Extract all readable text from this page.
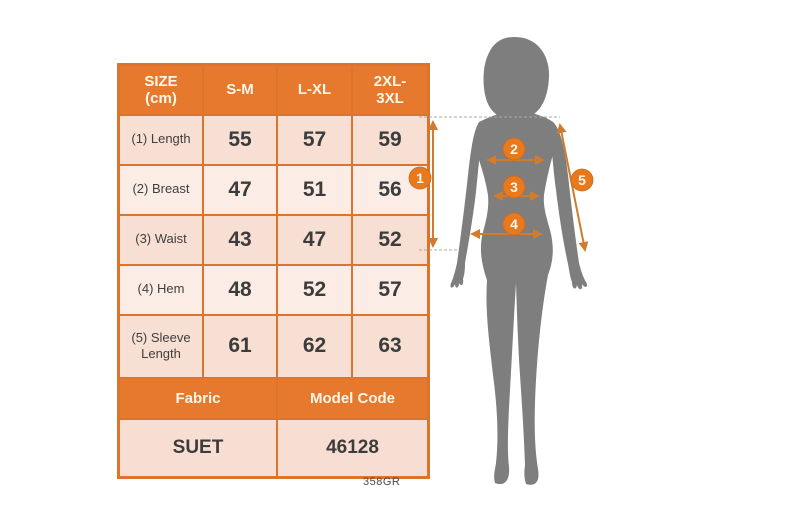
SIZE (cm)	S-M	L-XL	2XL-3XL
(1) Length	55	57	59
(2) Breast	47	51	56
(3) Waist	43	47	52
(4) Hem	48	52	57
(5) Sleeve Length	61	62	63
Fabric		Model Code	
SUET		46128	
358GR
1
2
3
4
5
